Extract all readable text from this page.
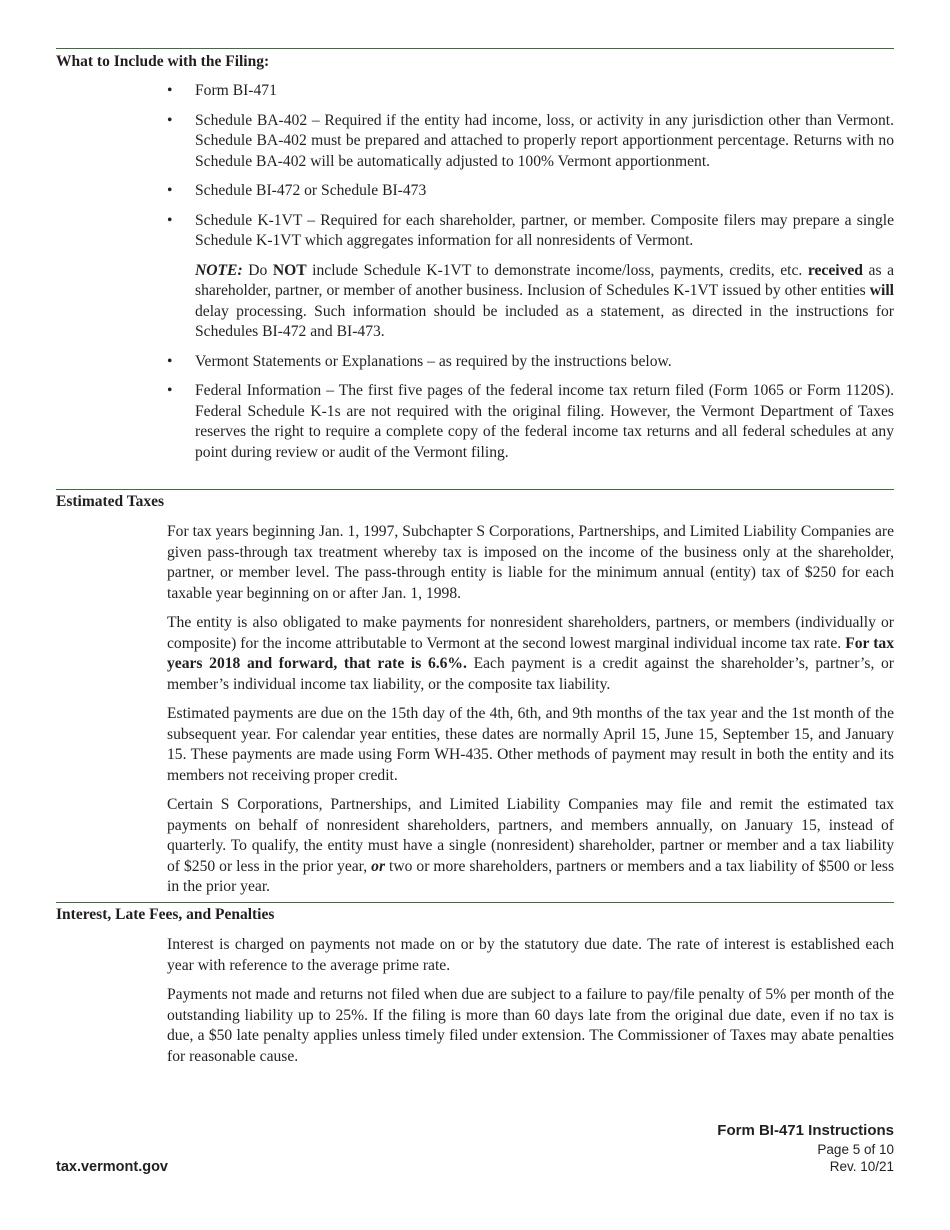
What to Include with the Filing:
• Form BI-471
• Schedule BA-402 – Required if the entity had income, loss, or activity in any jurisdiction other than Vermont. Schedule BA-402 must be prepared and attached to properly report apportionment percentage. Returns with no Schedule BA-402 will be automatically adjusted to 100% Vermont apportionment.
• Schedule BI-472 or Schedule BI-473
• Schedule K-1VT – Required for each shareholder, partner, or member. Composite filers may prepare a single Schedule K-1VT which aggregates information for all nonresidents of Vermont.

NOTE: Do NOT include Schedule K-1VT to demonstrate income/loss, payments, credits, etc. received as a shareholder, partner, or member of another business. Inclusion of Schedules K-1VT issued by other entities will delay processing. Such information should be included as a statement, as directed in the instructions for Schedules BI-472 and BI-473.

• Vermont Statements or Explanations – as required by the instructions below.
• Federal Information – The first five pages of the federal income tax return filed (Form 1065 or Form 1120S). Federal Schedule K-1s are not required with the original filing. However, the Vermont Department of Taxes reserves the right to require a complete copy of the federal income tax returns and all federal schedules at any point during review or audit of the Vermont filing.
Estimated Taxes

For tax years beginning Jan. 1, 1997, Subchapter S Corporations, Partnerships, and Limited Liability Companies are given pass-through tax treatment whereby tax is imposed on the income of the business only at the shareholder, partner, or member level. The pass-through entity is liable for the minimum annual (entity) tax of $250 for each taxable year beginning on or after Jan. 1, 1998.

The entity is also obligated to make payments for nonresident shareholders, partners, or members (individually or composite) for the income attributable to Vermont at the second lowest marginal individual income tax rate. For tax years 2018 and forward, that rate is 6.6%. Each payment is a credit against the shareholder’s, partner’s, or member’s individual income tax liability, or the composite tax liability.

Estimated payments are due on the 15th day of the 4th, 6th, and 9th months of the tax year and the 1st month of the subsequent year. For calendar year entities, these dates are normally April 15, June 15, September 15, and January 15. These payments are made using Form WH-435. Other methods of payment may result in both the entity and its members not receiving proper credit.

Certain S Corporations, Partnerships, and Limited Liability Companies may file and remit the estimated tax payments on behalf of nonresident shareholders, partners, and members annually, on January 15, instead of quarterly. To qualify, the entity must have a single (nonresident) shareholder, partner or member and a tax liability of $250 or less in the prior year, or two or more shareholders, partners or members and a tax liability of $500 or less in the prior year.

Interest, Late Fees, and Penalties

Interest is charged on payments not made on or by the statutory due date. The rate of interest is established each year with reference to the average prime rate.

Payments not made and returns not filed when due are subject to a failure to pay/file penalty of 5% per month of the outstanding liability up to 25%. If the filing is more than 60 days late from the original due date, even if no tax is due, a $50 late penalty applies unless timely filed under extension. The Commissioner of Taxes may abate penalties for reasonable cause.

tax.vermont.gov
Form BI-471 Instructions
Page 5 of 10
Rev. 10/21
